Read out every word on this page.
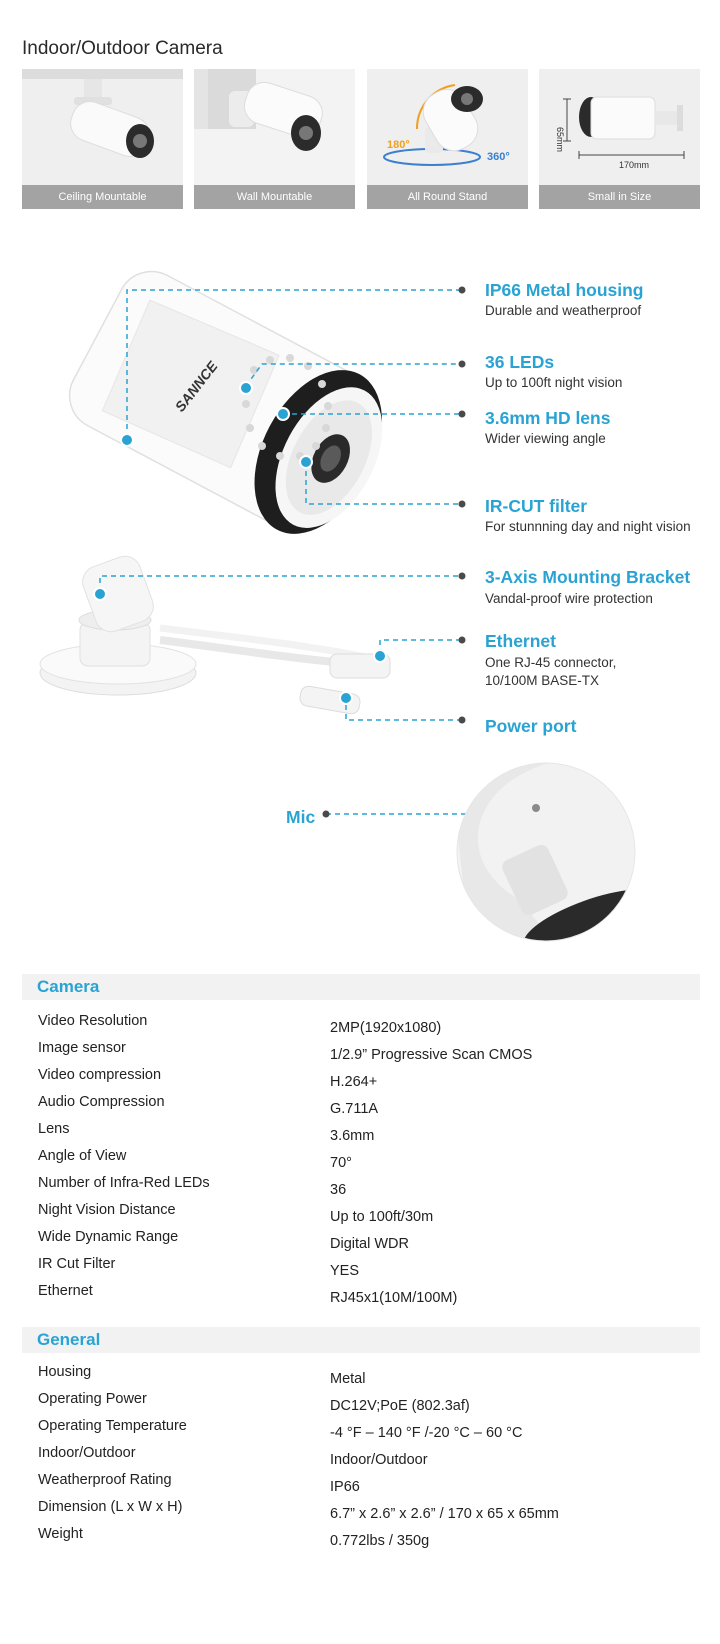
Indoor/Outdoor Camera
Ceiling Mountable	Wall Mountable
180°
360°
All Round Stand
65mm
170mm
Small in Size
SANNCE
IP66 Metal housing
Durable and weatherproof
36 LEDs
Up to 100ft night vision
3.6mm HD lens
Wider viewing angle
IR-CUT filter
For stunnning day and night vision
3-Axis Mounting Bracket
Vandal-proof wire protection
Ethernet
One RJ-45 connector,
10/100M BASE-TX
Power port
Mic
Camera
Video Resolution	2MP(1920x1080)
Image sensor	1/2.9” Progressive Scan CMOS
Video compression	H.264+
Audio Compression	G.711A
Lens	3.6mm
Angle of View	70°
Number of Infra-Red LEDs	36
Night Vision Distance	Up to 100ft/30m
Wide Dynamic Range	Digital WDR
IR Cut Filter	YES
Ethernet	RJ45x1(10M/100M)
General
Housing	Metal
Operating Power	DC12V;PoE (802.3af)
Operating Temperature	-4 °F – 140 °F /-20 °C – 60 °C
Indoor/Outdoor	Indoor/Outdoor
Weatherproof Rating	IP66
Dimension (L x W x H)	6.7” x 2.6” x 2.6” / 170 x 65 x 65mm
Weight	0.772lbs / 350g
